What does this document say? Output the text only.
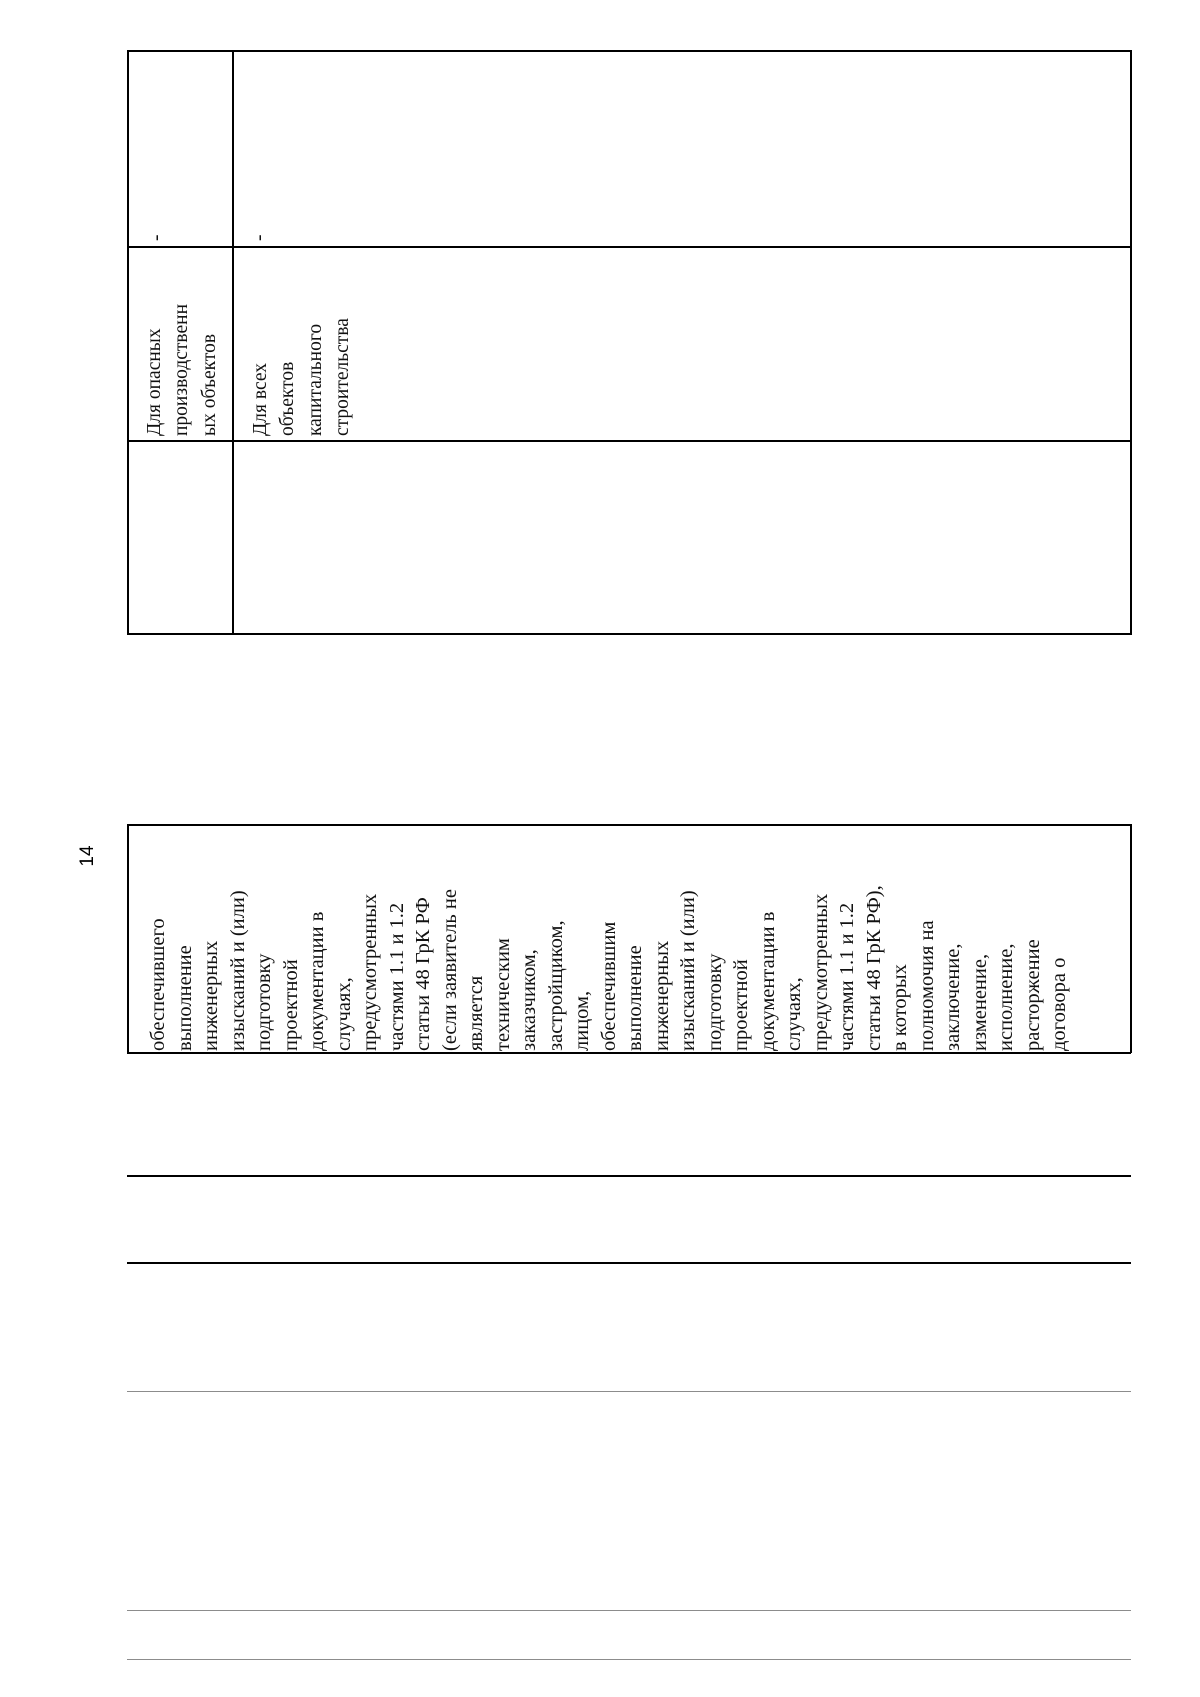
14
-
Для опасных
производственн
ых объектов
-
Для всех
объектов
капитального
строительства
обеспечившего
выполнение
инженерных
изысканий и (или)
подготовку
проектной
документации в
случаях,
предусмотренных
частями 1.1 и 1.2
статьи 48 ГрК РФ
(если заявитель не
является
техническим
заказчиком,
застройщиком,
лицом,
обеспечившим
выполнение
инженерных
изысканий и (или)
подготовку
проектной
документации в
случаях,
предусмотренных
частями 1.1 и 1.2
статьи 48 ГрК РФ),
в которых
полномочия на
заключение,
изменение,
исполнение,
расторжение
договора о
